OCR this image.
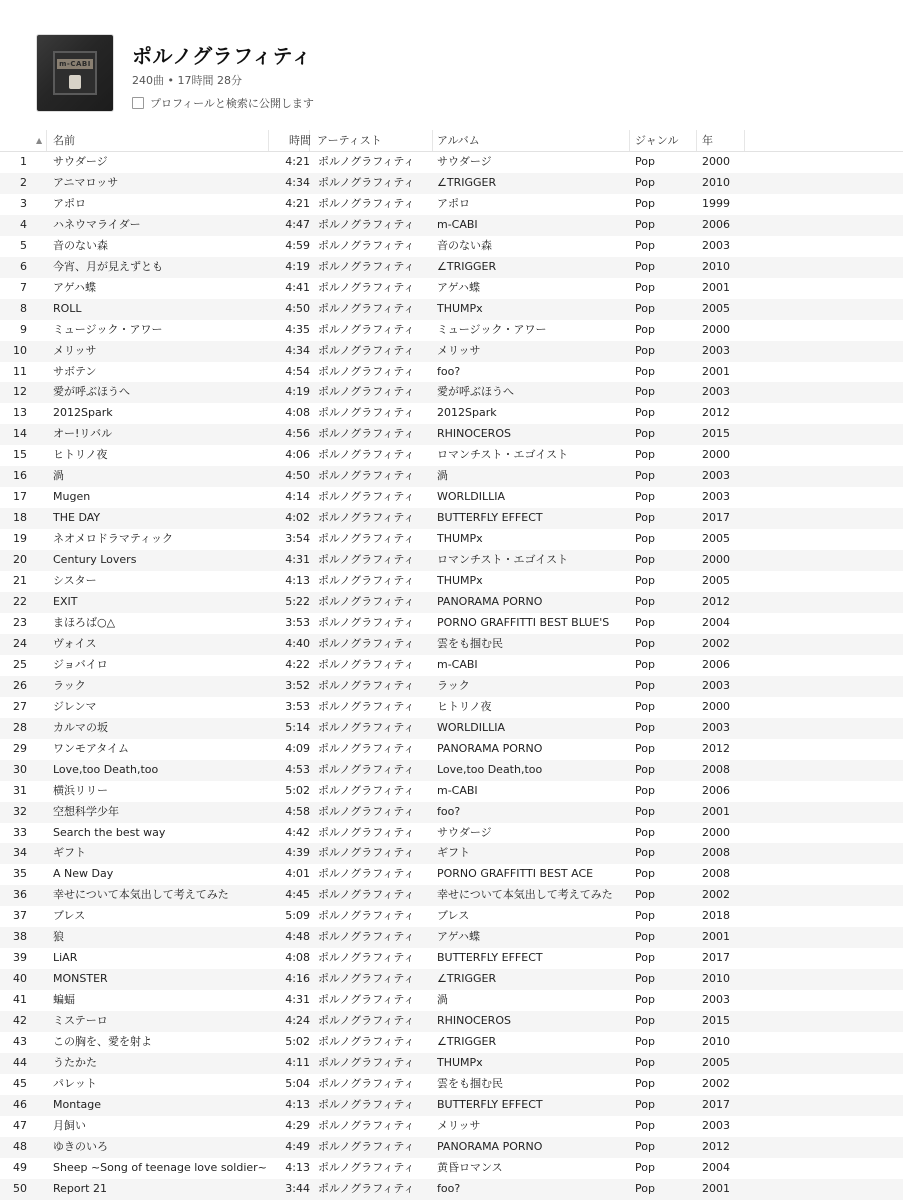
m-CABI ポルノグラフィティ
240曲 • 17時間 28分
プロフィールと検索に公開します
▲ 名前	時間 アーティスト	アルバム	ジャンル	年
1 サウダージ	4:21 ポルノグラフィティ	サウダージ	Pop	2000
2 アニマロッサ	4:34 ポルノグラフィティ	∠TRIGGER	Pop	2010
3 アポロ	4:21 ポルノグラフィティ	アポロ	Pop	1999
4 ハネウマライダー	4:47 ポルノグラフィティ	m-CABI	Pop	2006
5 音のない森	4:59 ポルノグラフィティ	音のない森	Pop	2003
6 今宵、月が見えずとも	4:19 ポルノグラフィティ	∠TRIGGER	Pop	2010
7 アゲハ蝶	4:41 ポルノグラフィティ	アゲハ蝶	Pop	2001
8 ROLL	4:50 ポルノグラフィティ	THUMPx	Pop	2005
9 ミュージック・アワー	4:35 ポルノグラフィティ	ミュージック・アワー	Pop	2000
10 メリッサ	4:34 ポルノグラフィティ	メリッサ	Pop	2003
11 サボテン	4:54 ポルノグラフィティ	foo?	Pop	2001
12 愛が呼ぶほうへ	4:19 ポルノグラフィティ	愛が呼ぶほうへ	Pop	2003
13 2012Spark	4:08 ポルノグラフィティ	2012Spark	Pop	2012
14 オー!リバル	4:56 ポルノグラフィティ	RHINOCEROS	Pop	2015
15 ヒトリノ夜	4:06 ポルノグラフィティ	ロマンチスト・エゴイスト	Pop	2000
16 渦	4:50 ポルノグラフィティ	渦	Pop	2003
17 Mugen	4:14 ポルノグラフィティ	WORLDILLIA	Pop	2003
18 THE DAY	4:02 ポルノグラフィティ	BUTTERFLY EFFECT	Pop	2017
19 ネオメロドラマティック	3:54 ポルノグラフィティ	THUMPx	Pop	2005
20 Century Lovers	4:31 ポルノグラフィティ	ロマンチスト・エゴイスト	Pop	2000
21 シスター	4:13 ポルノグラフィティ	THUMPx	Pop	2005
22 EXIT	5:22 ポルノグラフィティ	PANORAMA PORNO	Pop	2012
23 まほろば○△	3:53 ポルノグラフィティ	PORNO GRAFFITTI BEST BLUE'S	Pop	2004
24 ヴォイス	4:40 ポルノグラフィティ	雲をも掴む民	Pop	2002
25 ジョバイロ	4:22 ポルノグラフィティ	m-CABI	Pop	2006
26 ラック	3:52 ポルノグラフィティ	ラック	Pop	2003
27 ジレンマ	3:53 ポルノグラフィティ	ヒトリノ夜	Pop	2000
28 カルマの坂	5:14 ポルノグラフィティ	WORLDILLIA	Pop	2003
29 ワンモアタイム	4:09 ポルノグラフィティ	PANORAMA PORNO	Pop	2012
30 Love,too Death,too	4:53 ポルノグラフィティ	Love,too Death,too	Pop	2008
31 横浜リリー	5:02 ポルノグラフィティ	m-CABI	Pop	2006
32 空想科学少年	4:58 ポルノグラフィティ	foo?	Pop	2001
33 Search the best way	4:42 ポルノグラフィティ	サウダージ	Pop	2000
34 ギフト	4:39 ポルノグラフィティ	ギフト	Pop	2008
35 A New Day	4:01 ポルノグラフィティ	PORNO GRAFFITTI BEST ACE	Pop	2008
36 幸せについて本気出して考えてみた	4:45 ポルノグラフィティ	幸せについて本気出して考えてみた	Pop	2002
37 ブレス	5:09 ポルノグラフィティ	ブレス	Pop	2018
38 狼	4:48 ポルノグラフィティ	アゲハ蝶	Pop	2001
39 LiAR	4:08 ポルノグラフィティ	BUTTERFLY EFFECT	Pop	2017
40 MONSTER	4:16 ポルノグラフィティ	∠TRIGGER	Pop	2010
41 蝙蝠	4:31 ポルノグラフィティ	渦	Pop	2003
42 ミステーロ	4:24 ポルノグラフィティ	RHINOCEROS	Pop	2015
43 この胸を、愛を射よ	5:02 ポルノグラフィティ	∠TRIGGER	Pop	2010
44 うたかた	4:11 ポルノグラフィティ	THUMPx	Pop	2005
45 パレット	5:04 ポルノグラフィティ	雲をも掴む民	Pop	2002
46 Montage	4:13 ポルノグラフィティ	BUTTERFLY EFFECT	Pop	2017
47 月飼い	4:29 ポルノグラフィティ	メリッサ	Pop	2003
48 ゆきのいろ	4:49 ポルノグラフィティ	PANORAMA PORNO	Pop	2012
49 Sheep ~Song of teenage love soldier~	4:13 ポルノグラフィティ	黄昏ロマンス	Pop	2004
50 Report 21	3:44 ポルノグラフィティ	foo?	Pop	2001
